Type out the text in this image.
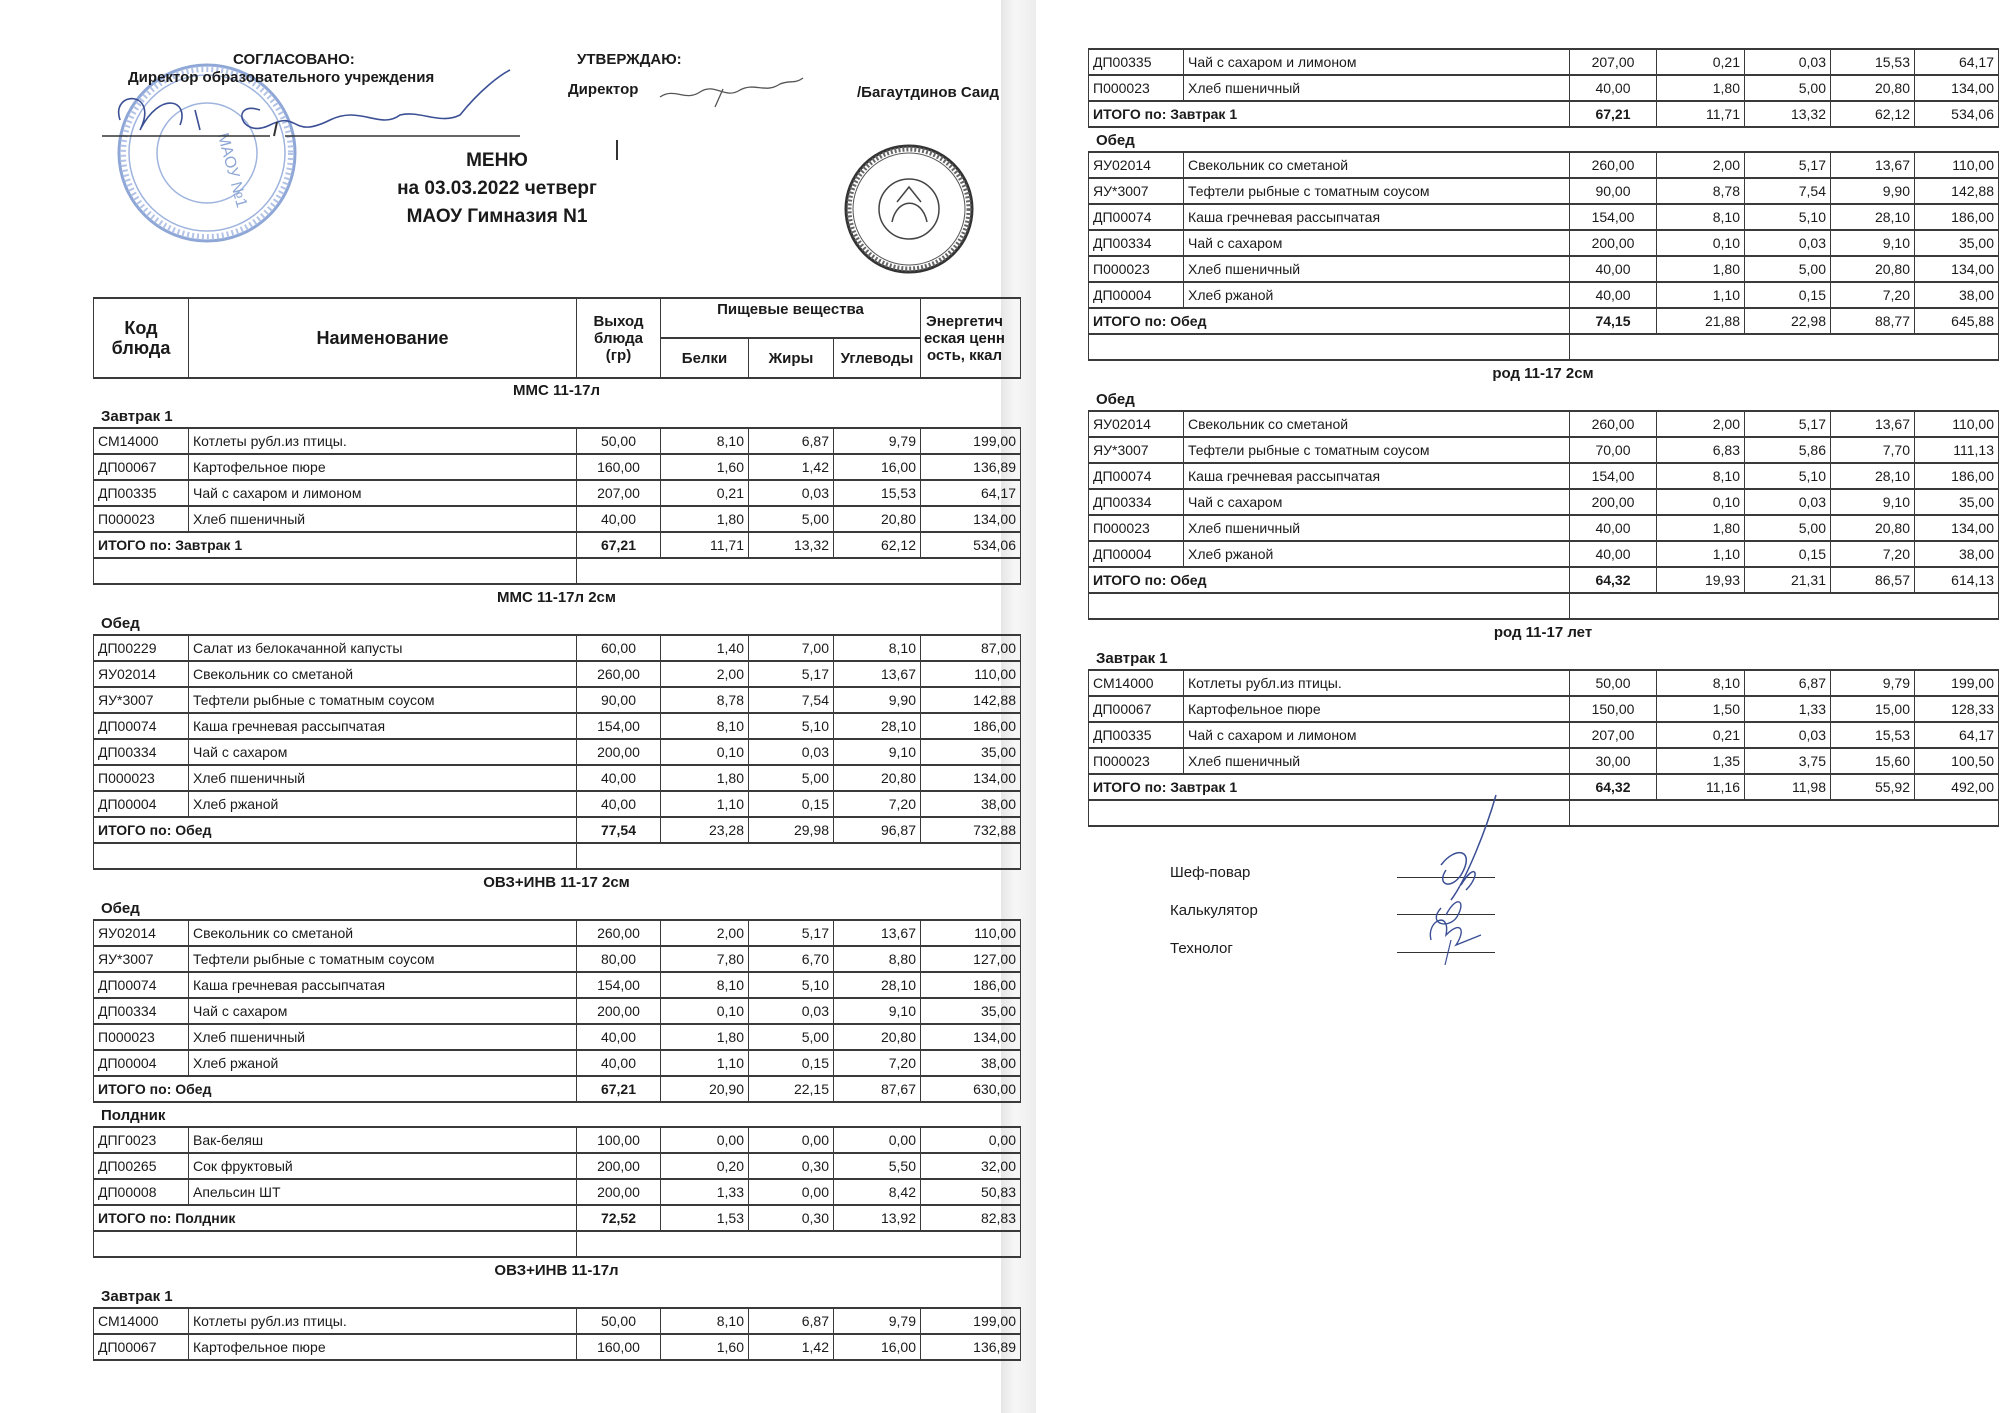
МАОУ №1
СОГЛАСОВАНО:
Директор образовательного учреждения
УТВЕРЖДАЮ:
Директор	/Багаутдинов Саид
МЕНЮ
на 03.03.2022 четверг
МАОУ Гимназия N1
Код блюда	Наименование	Выход блюда (гр)	Пищевые вещества			Энергетическая ценность, ккал
			Белки	Жиры	Углеводы	
ММС 11-17л
Завтрак 1
СМ14000	Котлеты рубл.из птицы.	50,00	8,10	6,87	9,79	199,00
ДП00067	Картофельное пюре	160,00	1,60	1,42	16,00	136,89
ДП00335	Чай с сахаром и лимоном	207,00	0,21	0,03	15,53	64,17
П000023	Хлеб пшеничный	40,00	1,80	5,00	20,80	134,00
ИТОГО по: Завтрак 1		67,21	11,71	13,32	62,12	534,06

ММС 11-17л 2см
Обед
ДП00229	Салат из белокачанной капусты	60,00	1,40	7,00	8,10	87,00
ЯУ02014	Свекольник со сметаной	260,00	2,00	5,17	13,67	110,00
ЯУ*3007	Тефтели рыбные с томатным соусом	90,00	8,78	7,54	9,90	142,88
ДП00074	Каша гречневая рассыпчатая	154,00	8,10	5,10	28,10	186,00
ДП00334	Чай с сахаром	200,00	0,10	0,03	9,10	35,00
П000023	Хлеб пшеничный	40,00	1,80	5,00	20,80	134,00
ДП00004	Хлеб ржаной	40,00	1,10	0,15	7,20	38,00
ИТОГО по: Обед		77,54	23,28	29,98	96,87	732,88

ОВЗ+ИНВ 11-17 2см
Обед
ЯУ02014	Свекольник со сметаной	260,00	2,00	5,17	13,67	110,00
ЯУ*3007	Тефтели рыбные с томатным соусом	80,00	7,80	6,70	8,80	127,00
ДП00074	Каша гречневая рассыпчатая	154,00	8,10	5,10	28,10	186,00
ДП00334	Чай с сахаром	200,00	0,10	0,03	9,10	35,00
П000023	Хлеб пшеничный	40,00	1,80	5,00	20,80	134,00
ДП00004	Хлеб ржаной	40,00	1,10	0,15	7,20	38,00
ИТОГО по: Обед		67,21	20,90	22,15	87,67	630,00
Полдник
ДПГ0023	Вак-беляш	100,00	0,00	0,00	0,00	0,00
ДП00265	Сок фруктовый	200,00	0,20	0,30	5,50	32,00
ДП00008	Апельсин ШТ	200,00	1,33	0,00	8,42	50,83
ИТОГО по: Полдник		72,52	1,53	0,30	13,92	82,83

ОВЗ+ИНВ 11-17л
Завтрак 1
СМ14000	Котлеты рубл.из птицы.	50,00	8,10	6,87	9,79	199,00
ДП00067	Картофельное пюре	160,00	1,60	1,42	16,00	136,89
ДП00335	Чай с сахаром и лимоном	207,00	0,21	0,03	15,53	64,17
П000023	Хлеб пшеничный	40,00	1,80	5,00	20,80	134,00
ИТОГО по: Завтрак 1		67,21	11,71	13,32	62,12	534,06
Обед
ЯУ02014	Свекольник со сметаной	260,00	2,00	5,17	13,67	110,00
ЯУ*3007	Тефтели рыбные с томатным соусом	90,00	8,78	7,54	9,90	142,88
ДП00074	Каша гречневая рассыпчатая	154,00	8,10	5,10	28,10	186,00
ДП00334	Чай с сахаром	200,00	0,10	0,03	9,10	35,00
П000023	Хлеб пшеничный	40,00	1,80	5,00	20,80	134,00
ДП00004	Хлеб ржаной	40,00	1,10	0,15	7,20	38,00
ИТОГО по: Обед		74,15	21,88	22,98	88,77	645,88

род 11-17 2см
Обед
ЯУ02014	Свекольник со сметаной	260,00	2,00	5,17	13,67	110,00
ЯУ*3007	Тефтели рыбные с томатным соусом	70,00	6,83	5,86	7,70	111,13
ДП00074	Каша гречневая рассыпчатая	154,00	8,10	5,10	28,10	186,00
ДП00334	Чай с сахаром	200,00	0,10	0,03	9,10	35,00
П000023	Хлеб пшеничный	40,00	1,80	5,00	20,80	134,00
ДП00004	Хлеб ржаной	40,00	1,10	0,15	7,20	38,00
ИТОГО по: Обед		64,32	19,93	21,31	86,57	614,13

род 11-17 лет
Завтрак 1
СМ14000	Котлеты рубл.из птицы.	50,00	8,10	6,87	9,79	199,00
ДП00067	Картофельное пюре	150,00	1,50	1,33	15,00	128,33
ДП00335	Чай с сахаром и лимоном	207,00	0,21	0,03	15,53	64,17
П000023	Хлеб пшеничный	30,00	1,35	3,75	15,60	100,50
ИТОГО по: Завтрак 1		64,32	11,16	11,98	55,92	492,00

Шеф-повар
Калькулятор
Технолог
